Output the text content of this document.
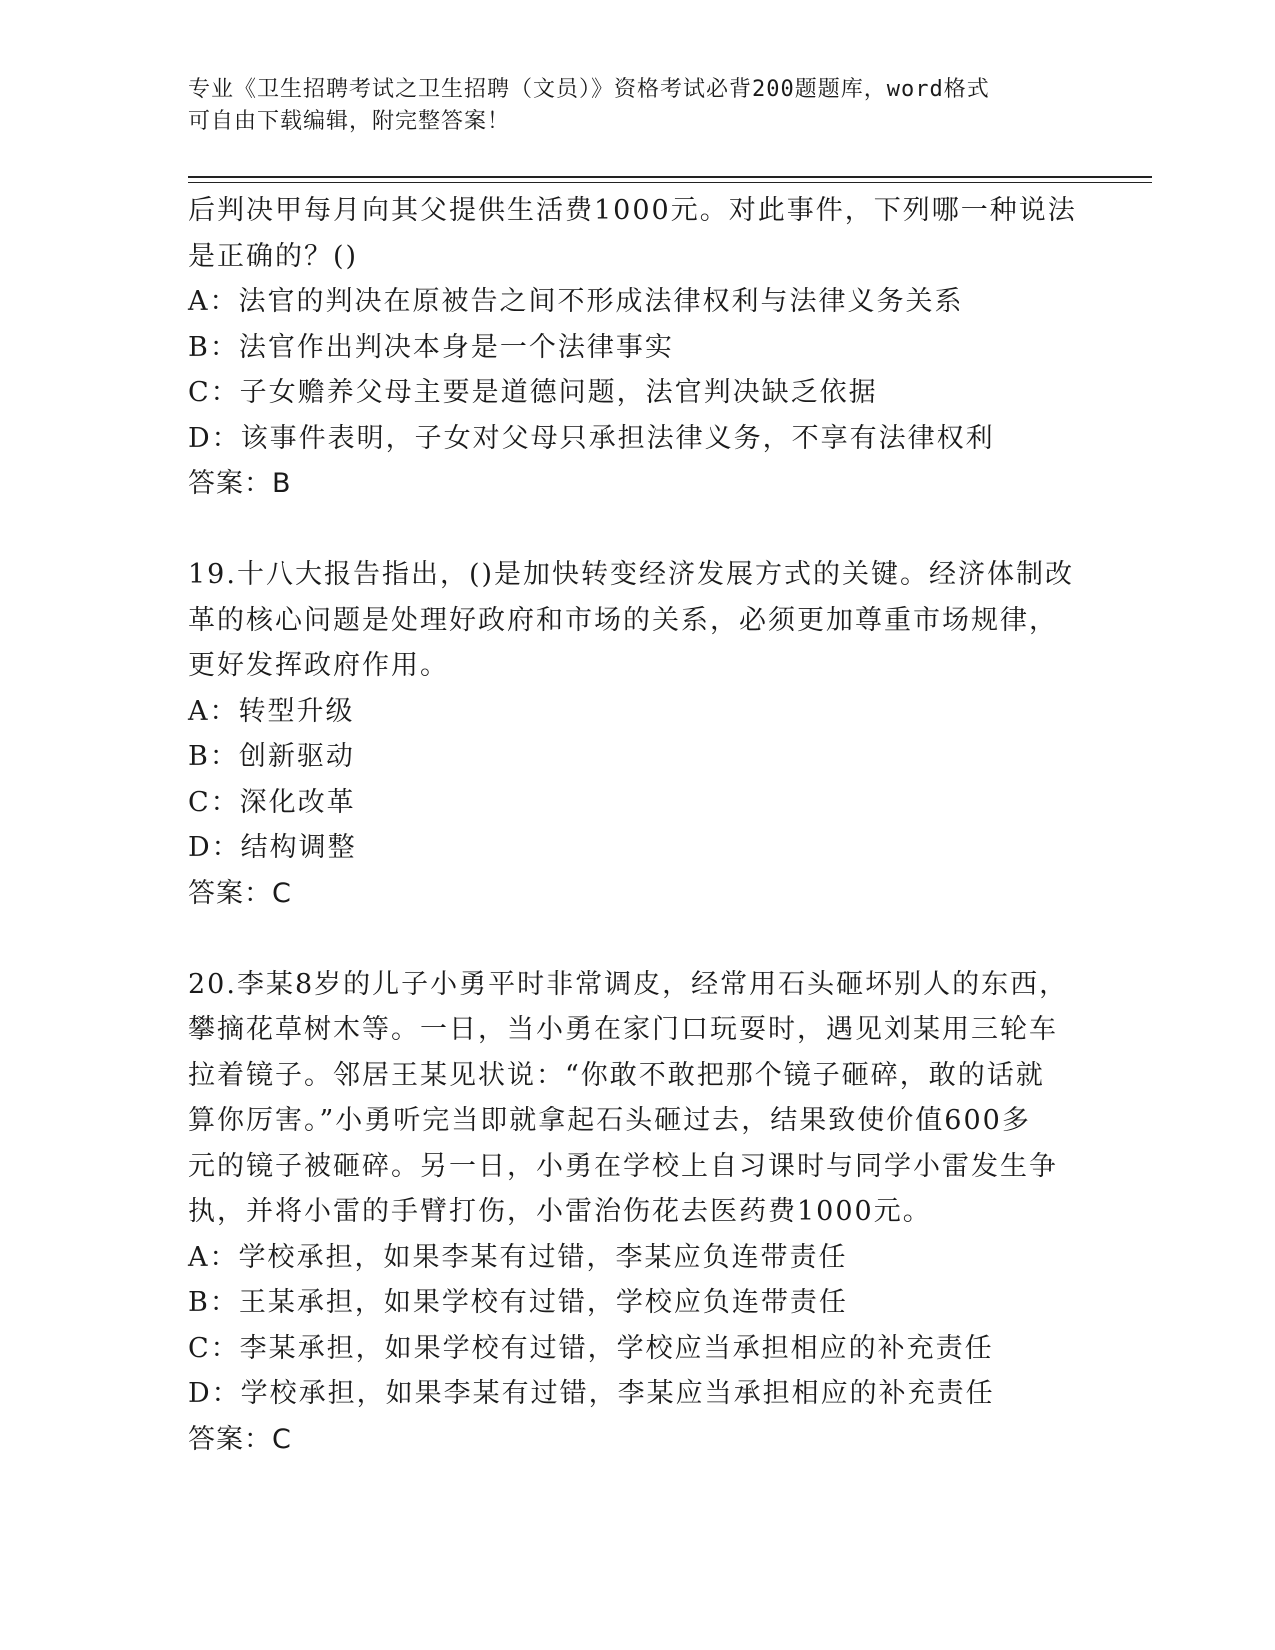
专业《卫生招聘考试之卫生招聘（文员）》资格考试必背200题题库，word格式
可自由下载编辑，附完整答案！
后判决甲每月向其父提供生活费1000元。对此事件，下列哪一种说法
是正确的？()
A：法官的判决在原被告之间不形成法律权利与法律义务关系
B：法官作出判决本身是一个法律事实
C：子女赡养父母主要是道德问题，法官判决缺乏依据
D：该事件表明，子女对父母只承担法律义务，不享有法律权利
答案：B
19.十八大报告指出，()是加快转变经济发展方式的关键。经济体制改
革的核心问题是处理好政府和市场的关系，必须更加尊重市场规律，
更好发挥政府作用。
A：转型升级
B：创新驱动
C：深化改革
D：结构调整
答案：C
20.李某8岁的儿子小勇平时非常调皮，经常用石头砸坏别人的东西，
攀摘花草树木等。一日，当小勇在家门口玩耍时，遇见刘某用三轮车
拉着镜子。邻居王某见状说：“你敢不敢把那个镜子砸碎，敢的话就
算你厉害。”小勇听完当即就拿起石头砸过去，结果致使价值600多
元的镜子被砸碎。另一日，小勇在学校上自习课时与同学小雷发生争
执，并将小雷的手臂打伤，小雷治伤花去医药费1000元。
A：学校承担，如果李某有过错，李某应负连带责任
B：王某承担，如果学校有过错，学校应负连带责任
C：李某承担，如果学校有过错，学校应当承担相应的补充责任
D：学校承担，如果李某有过错，李某应当承担相应的补充责任
答案：C
